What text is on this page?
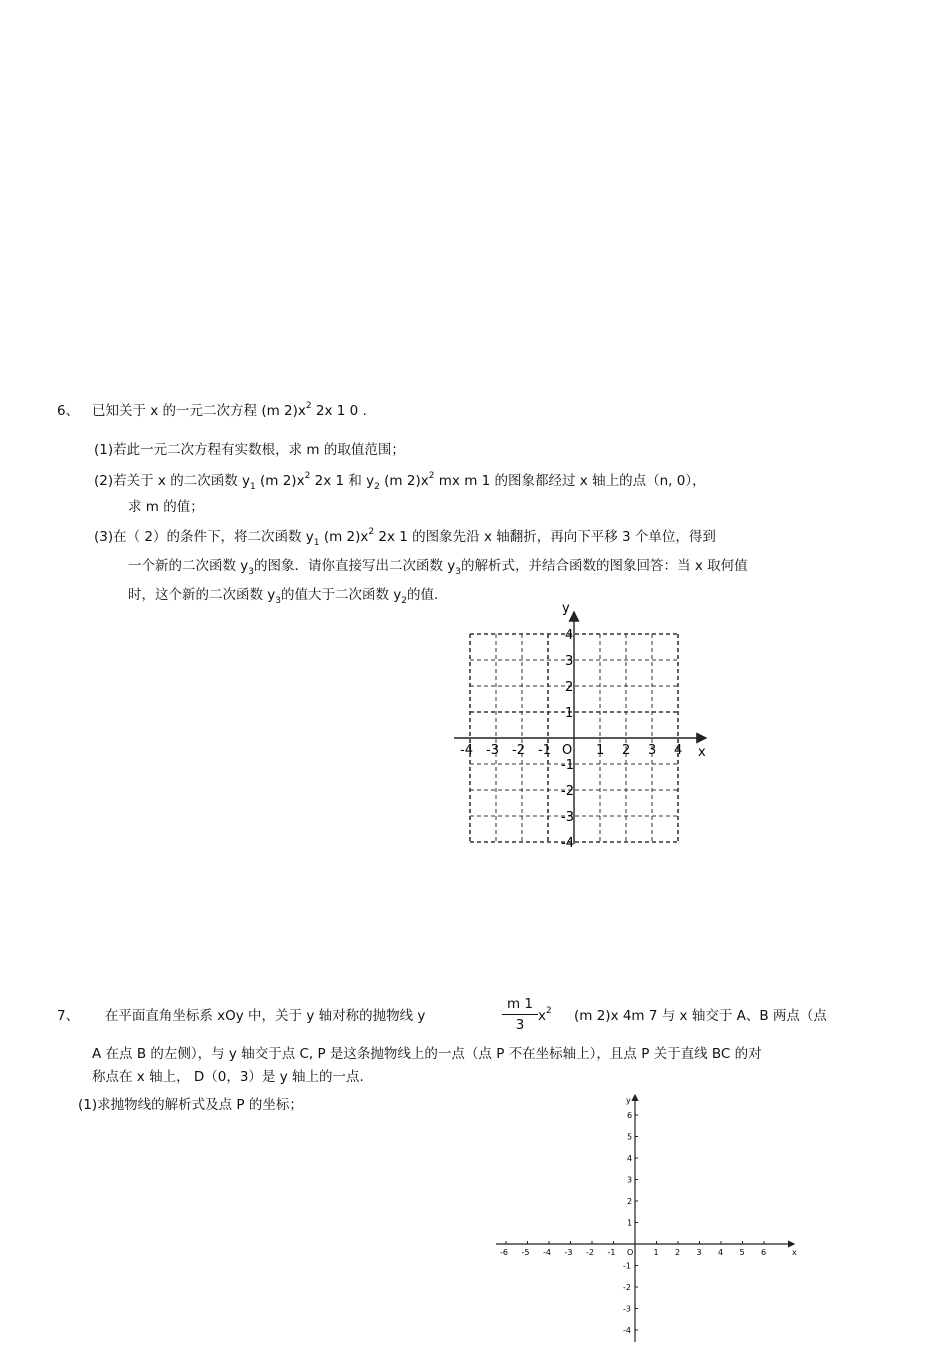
6、 已知关于 x 的一元二次方程 (m $2)x^2$ 2x 1 0 .
(1)若此一元二次方程有实数根，求 m 的取值范围；
(2)若关于 x 的二次函数 $y_1$ (m $2)x^2$ 2x 1 和 $y_2$ (m $2)x^2$ mx m 1 的图象都经过 x 轴上的点（n, 0），
求 m 的值；
(3)在（ 2）的条件下，将二次函数 $y_1$ (m $2)x^2$ 2x 1 的图象先沿 x 轴翻折，再向下平移 3 个单位，得到
一个新的二次函数 $y_3$的图象．请你直接写出二次函数 $y_3$的解析式，并结合函数的图象回答：当 x 取何值
时，这个新的二次函数 $y_3$的值大于二次函数 $y_2$的值.
x
y
O
-4 -3 -2 -1	1 2 3 4
4
3
2
1
-1
-2
-3
-4
7、 在平面直角坐标系 xOy 中，关于 y 轴对称的抛物线 y
m 1
3
$x^2$ (m 2)x 4m 7 与 x 轴交于 A、B 两点（点
A 在点 B 的左侧），与 y 轴交于点 C, P 是这条抛物线上的一点（点 P 不在坐标轴上），且点 P 关于直线 BC 的对
称点在 x 轴上， D（0，3）是 y 轴上的一点.
(1)求抛物线的解析式及点 P 的坐标；
-6 -5 -4 -3 -2 -1	1 2 3 4 5 6
6
5
4
3
2
1
-1
-2
-3
-4
O	x
y
